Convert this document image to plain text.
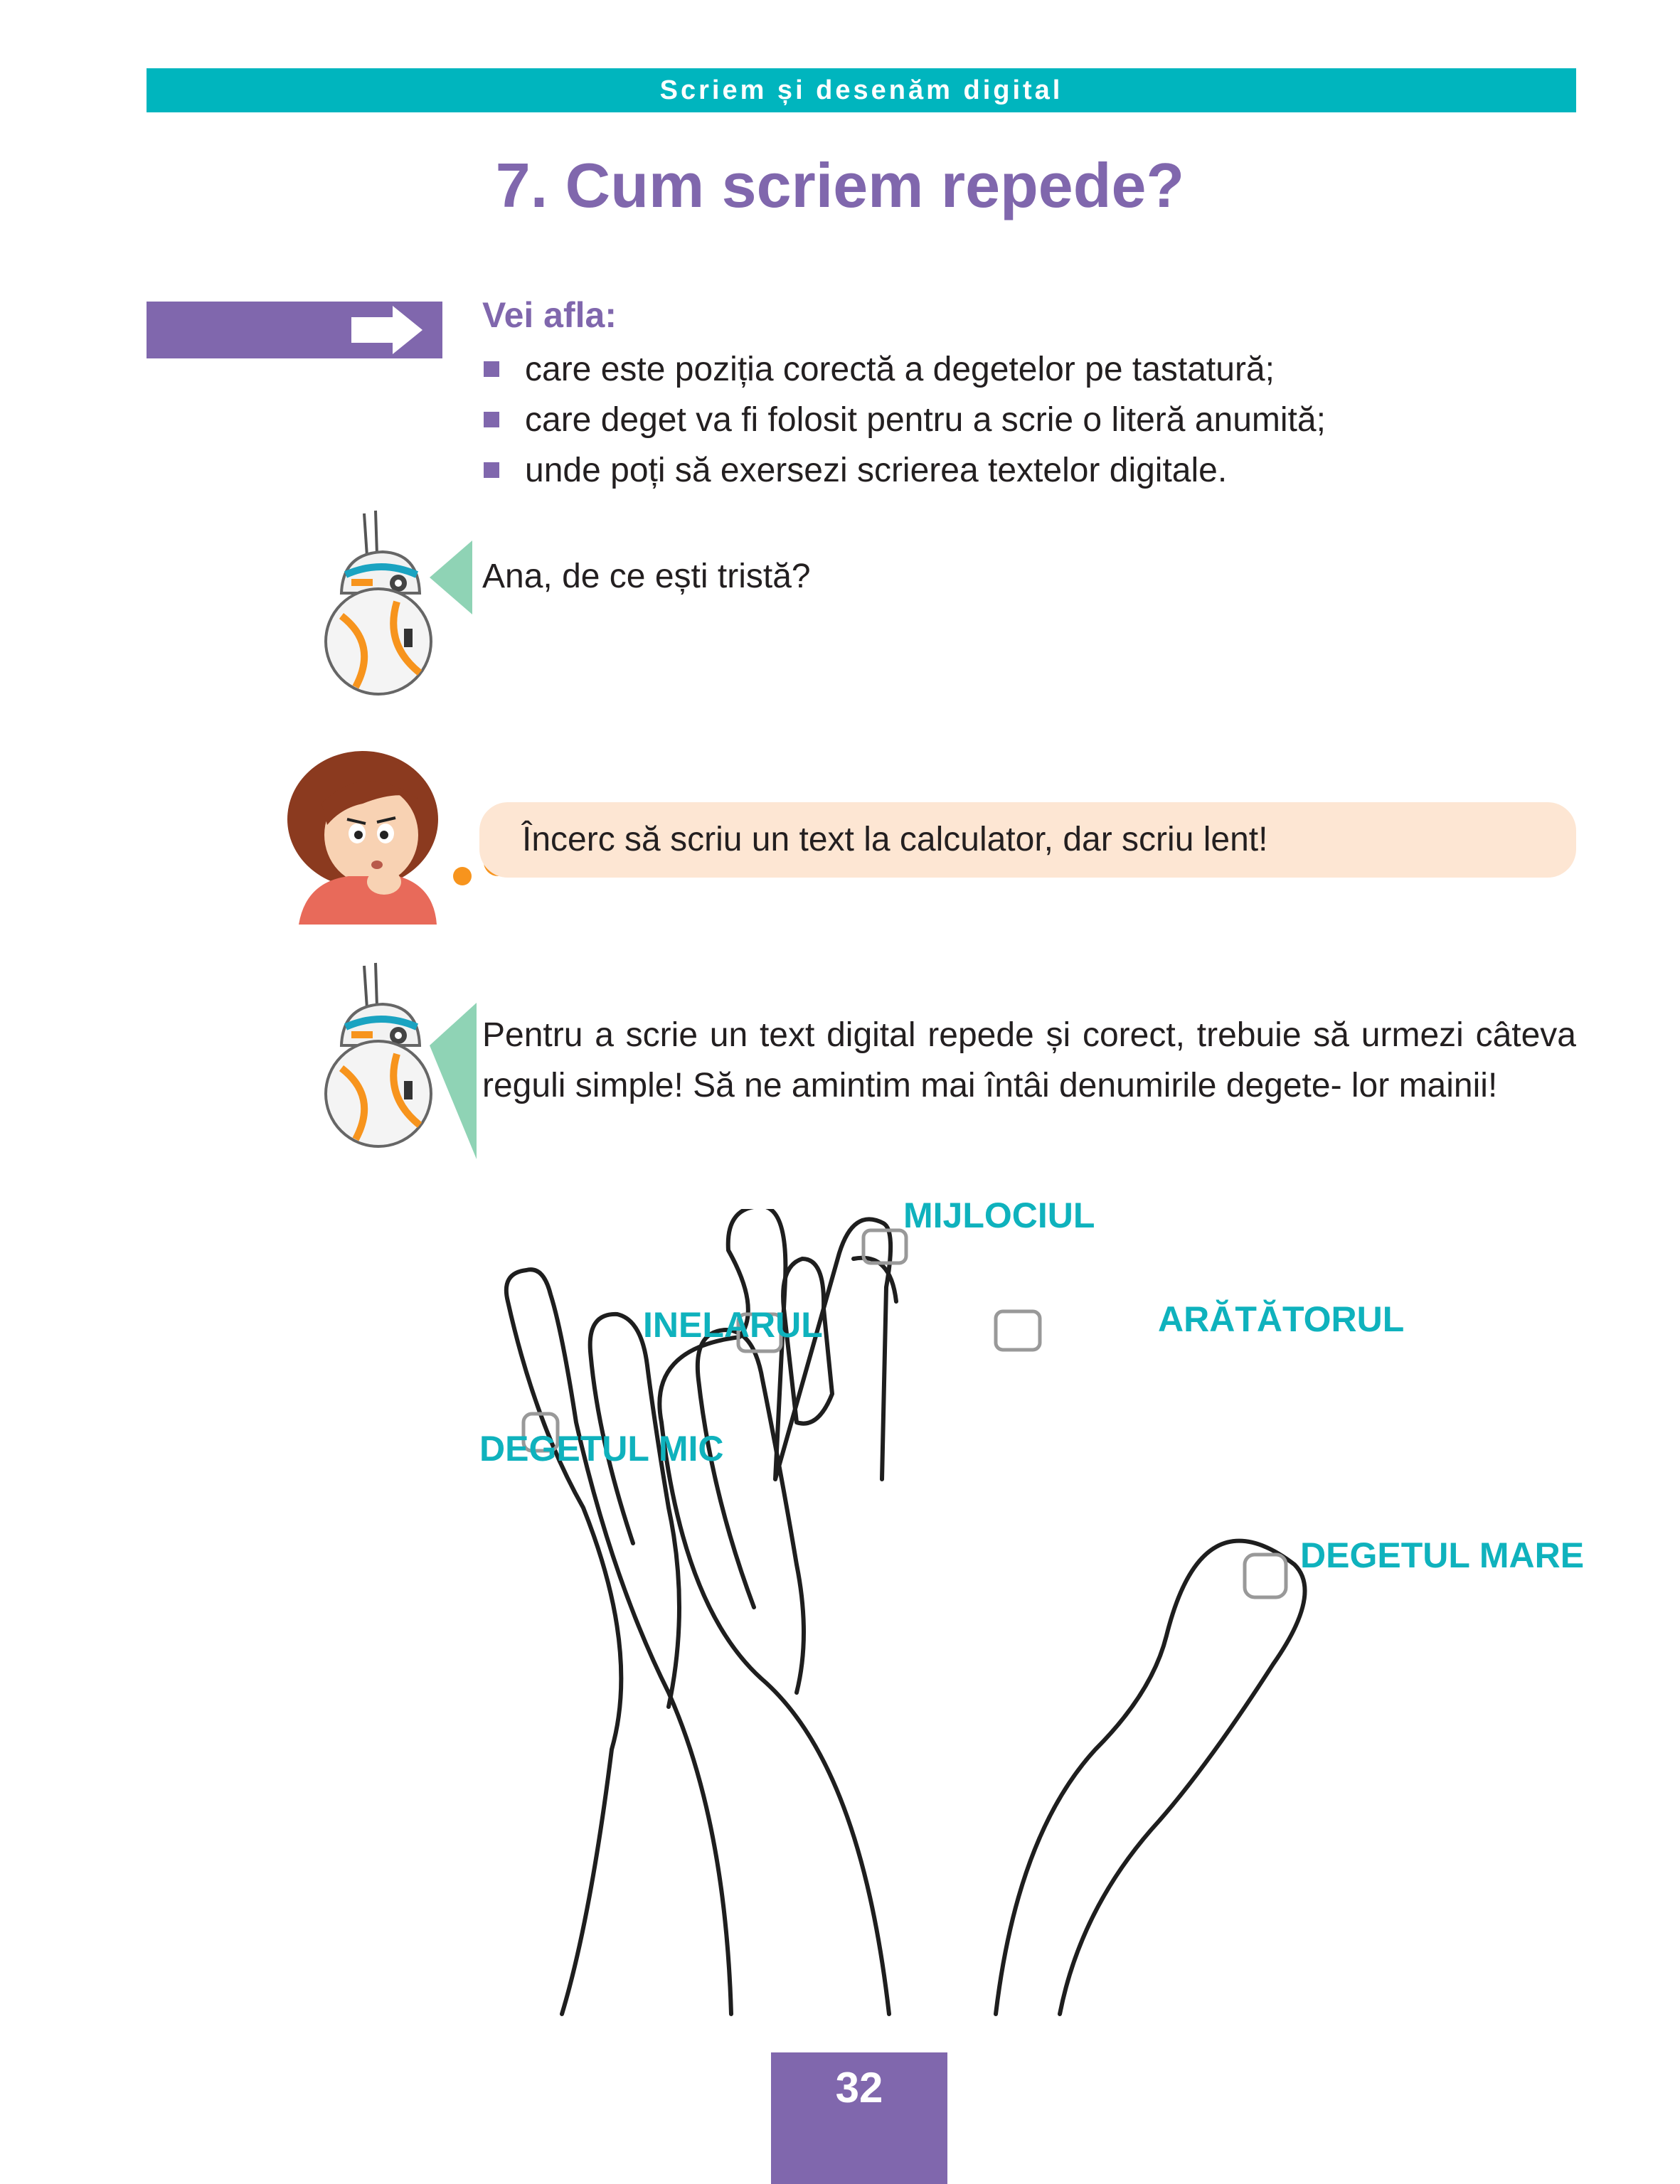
Scriem și desenăm digital
7. Cum scriem repede?
Vei afla:
care este poziția corectă a degetelor pe tastatură;
care deget va fi folosit pentru a scrie o literă anumită;
unde poți să exersezi scrierea textelor digitale.
Ana, de ce ești tristă?
Încerc să scriu un text la calculator, dar scriu lent!
Pentru a scrie un text digital repede și corect, trebuie să urmezi câteva reguli simple! Să ne amintim mai întâi denumirile degete- lor mainii!
MIJLOCIUL
INELARUL	ARĂTĂTORUL
DEGETUL MIC
DEGETUL MARE
32
